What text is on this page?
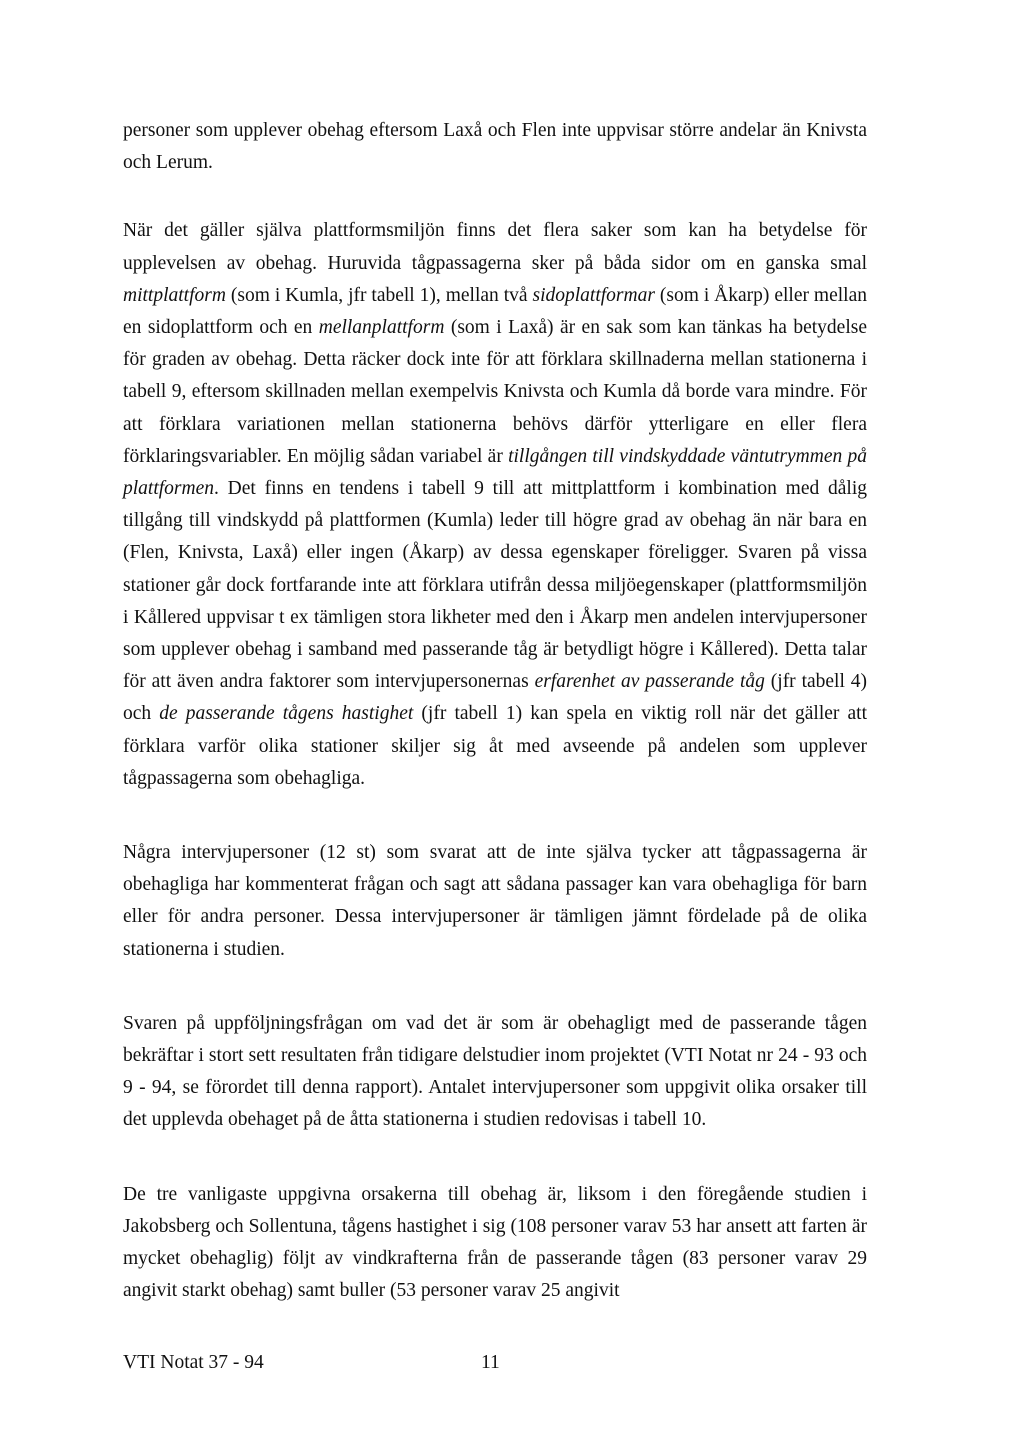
personer som upplever obehag eftersom Laxå och Flen inte uppvisar större andelar än Knivsta och Lerum.

När det gäller själva plattformsmiljön finns det flera saker som kan ha betydelse för upplevelsen av obehag. Huruvida tågpassagerna sker på båda sidor om en ganska smal mittplattform (som i Kumla, jfr tabell 1), mellan två sidoplattformar (som i Åkarp) eller mellan en sidoplattform och en mellanplattform (som i Laxå) är en sak som kan tänkas ha betydelse för graden av obehag. Detta räcker dock inte för att förklara skillnaderna mellan stationerna i tabell 9, eftersom skillnaden mellan exempelvis Knivsta och Kumla då borde vara mindre. För att förklara variationen mellan stationerna behövs därför ytterligare en eller flera förklaringsvariabler. En möjlig sådan variabel är tillgången till vindskyddade väntutrymmen på plattformen. Det finns en tendens i tabell 9 till att mittplattform i kombination med dålig tillgång till vindskydd på plattformen (Kumla) leder till högre grad av obehag än när bara en (Flen, Knivsta, Laxå) eller ingen (Åkarp) av dessa egenskaper föreligger. Svaren på vissa stationer går dock fortfarande inte att förklara utifrån dessa miljöegenskaper (plattformsmiljön i Kållered uppvisar t ex tämligen stora likheter med den i Åkarp men andelen intervjupersoner som upplever obehag i samband med passerande tåg är betydligt högre i Kållered). Detta talar för att även andra faktorer som intervjupersonernas erfarenhet av passerande tåg (jfr tabell 4) och de passerande tågens hastighet (jfr tabell 1) kan spela en viktig roll när det gäller att förklara varför olika stationer skiljer sig åt med avseende på andelen som upplever tågpassagerna som obehagliga.

Några intervjupersoner (12 st) som svarat att de inte själva tycker att tågpassagerna är obehagliga har kommenterat frågan och sagt att sådana passager kan vara obehagliga för barn eller för andra personer. Dessa intervjupersoner är tämligen jämnt fördelade på de olika stationerna i studien.

Svaren på uppföljningsfrågan om vad det är som är obehagligt med de passerande tågen bekräftar i stort sett resultaten från tidigare delstudier inom projektet (VTI Notat nr 24 - 93 och 9 - 94, se förordet till denna rapport). Antalet intervjupersoner som uppgivit olika orsaker till det upplevda obehaget på de åtta stationerna i studien redovisas i tabell 10.

De tre vanligaste uppgivna orsakerna till obehag är, liksom i den föregående studien i Jakobsberg och Sollentuna, tågens hastighet i sig (108 personer varav 53 har ansett att farten är mycket obehaglig) följt av vindkrafterna från de passerande tågen (83 personer varav 29 angivit starkt obehag) samt buller (53 personer varav 25 angivit

VTI Notat 37 - 94	11
